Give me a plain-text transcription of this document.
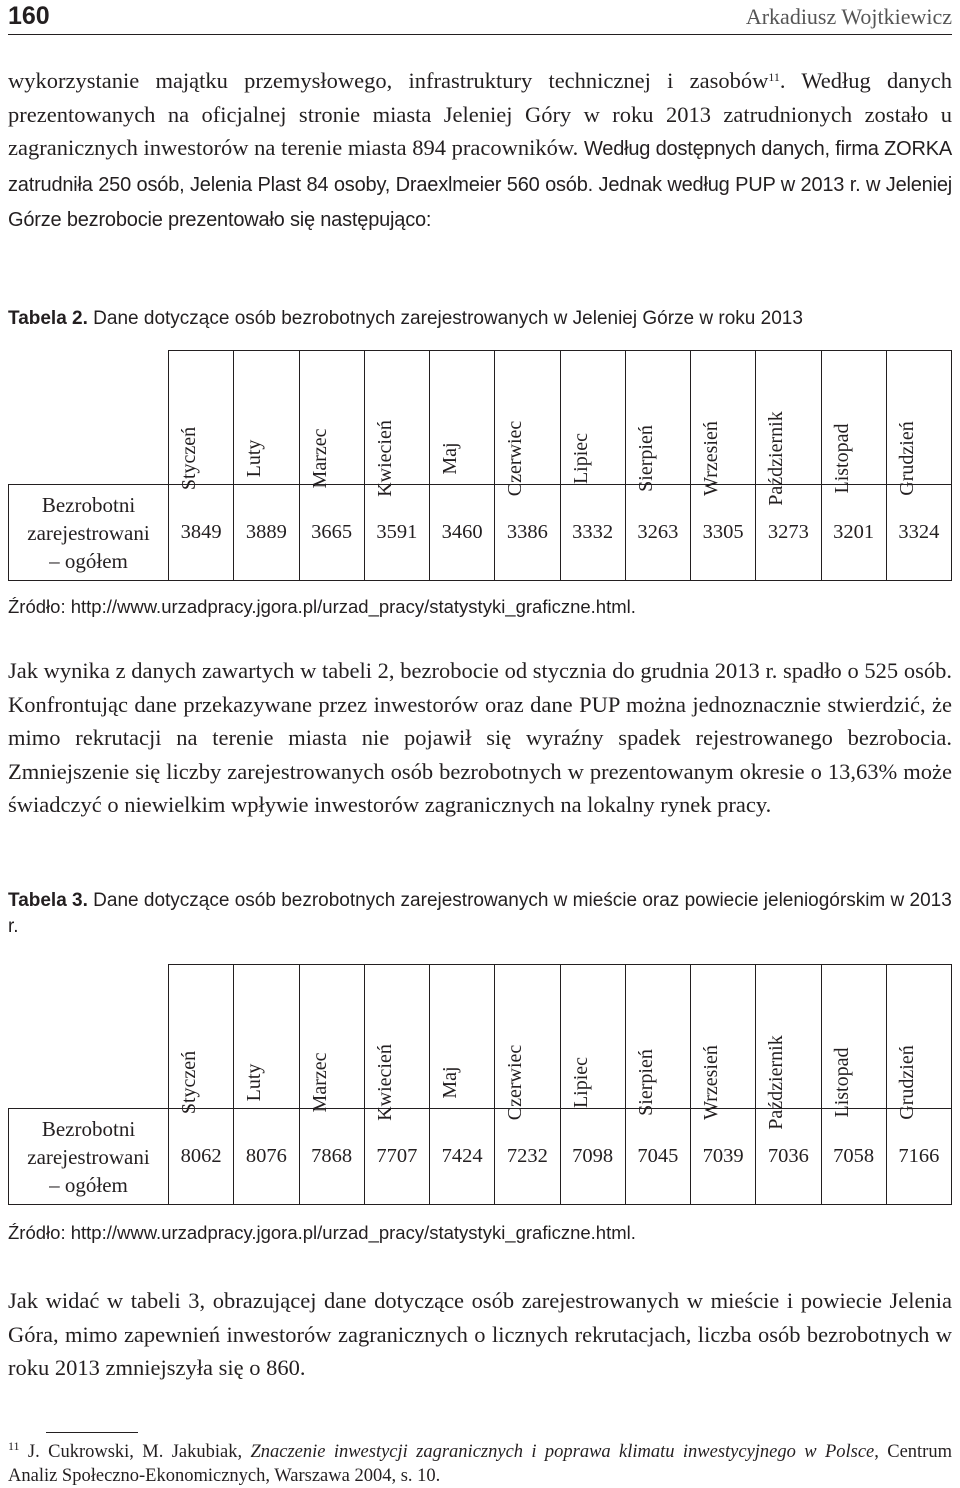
160	Arkadiusz Wojtkiewicz

wykorzystanie majątku przemysłowego, infrastruktury technicznej i zasobów$^{11}$. Według danych prezentowanych na oficjalnej stronie miasta Jeleniej Góry w roku 2013 zatrudnionych zostało u zagranicznych inwestorów na terenie miasta 894 pracowników. Według dostępnych danych, firma ZORKA zatrudniła 250 osób, Jelenia Plast 84 osoby, Draexlmeier 560 osób. Jednak według PUP w 2013 r. w Jeleniej Górze bezrobocie prezentowało się następująco:

Tabela 2. Dane dotyczące osób bezrobotnych zarejestrowanych w Jeleniej Górze w roku 2013

	Styczeń	Luty	Marzec	Kwiecień	Maj	Czerwiec	Lipiec	Sierpień	Wrzesień	Październik	Listopad	Grudzień

Bezrobotni
zarejestrowani
– ogółem	3849	3889	3665	3591	3460	3386	3332	3263	3305	3273	3201	3324
Źródło: http://www.urzadpracy.jgora.pl/urzad_pracy/statystyki_graficzne.html.

Jak wynika z danych zawartych w tabeli 2, bezrobocie od stycznia do grudnia 2013 r. spadło o 525 osób. Konfrontując dane przekazywane przez inwestorów oraz dane PUP można jednoznacznie stwierdzić, że mimo rekrutacji na terenie miasta nie pojawił się wyraźny spadek rejestrowanego bezrobocia. Zmniejszenie się liczby zarejestrowanych osób bezrobotnych w prezentowanym okresie o 13,63% może świadczyć o niewielkim wpływie inwestorów zagranicznych na lokalny rynek pracy.

Tabela 3. Dane dotyczące osób bezrobotnych zarejestrowanych w mieście oraz powiecie jeleniogórskim w 2013 r.

	Styczeń	Luty	Marzec	Kwiecień	Maj	Czerwiec	Lipiec	Sierpień	Wrzesień	Październik	Listopad	Grudzień

Bezrobotni
zarejestrowani
– ogółem	8062	8076	7868	7707	7424	7232	7098	7045	7039	7036	7058	7166
Źródło: http://www.urzadpracy.jgora.pl/urzad_pracy/statystyki_graficzne.html.

Jak widać w tabeli 3, obrazującej dane dotyczące osób zarejestrowanych w mieście i powiecie Jelenia Góra, mimo zapewnień inwestorów zagranicznych o licznych rekrutacjach, liczba osób bezrobotnych w roku 2013 zmniejszyła się o 860.

$^{11}$ J. Cukrowski, M. Jakubiak, Znaczenie inwestycji zagranicznych i poprawa klimatu inwestycyjnego w Polsce, Centrum Analiz Społeczno-Ekonomicznych, Warszawa 2004, s. 10.
